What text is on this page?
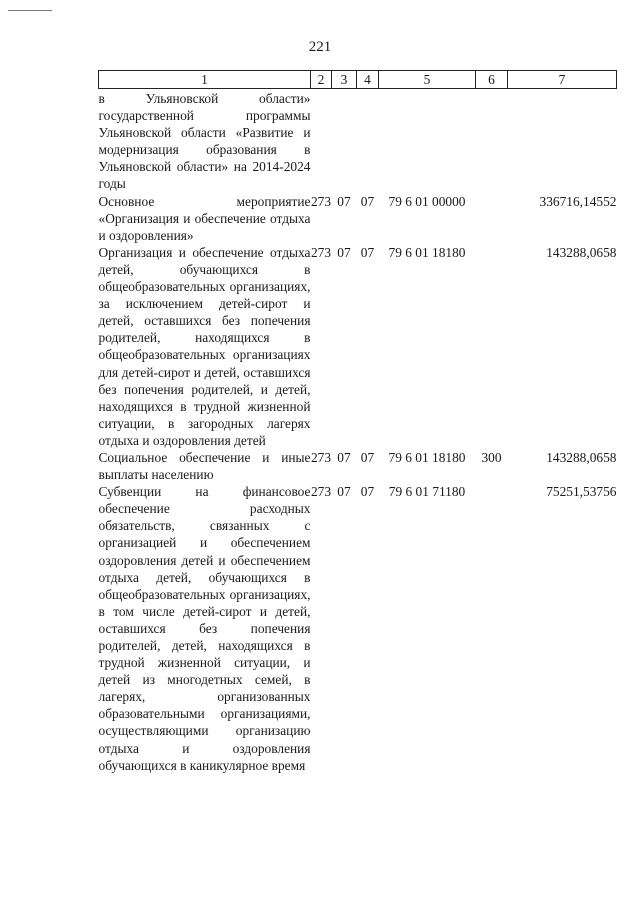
221
1	2	3	4	5	6	7
в Ульяновской области» государственной программы Ульяновской области «Развитие и модернизация образования в Ульяновской области» на 2014-2024 годы						
Основное мероприятие «Организация и обеспечение отдыха и оздоровления»	273	07	07	79 6 01 00000		336716,14552
Организация и обеспечение отдыха детей, обучающихся в общеобразовательных организациях, за исключением детей-сирот и детей, оставшихся без попечения родителей, находящихся в общеобразовательных организациях для детей-сирот и детей, оставшихся без попечения родителей, и детей, находящихся в трудной жизненной ситуации, в загородных лагерях отдыха и оздоровления детей	273	07	07	79 6 01 18180		143288,0658
Социальное обеспечение и иные выплаты населению	273	07	07	79 6 01 18180	300	143288,0658
Субвенции на финансовое обеспечение расходных обязательств, связанных с организацией и обеспечением оздоровления детей и обеспечением отдыха детей, обучающихся в общеобразовательных организациях, в том числе детей-сирот и детей, оставшихся без попечения родителей, детей, находящихся в трудной жизненной ситуации, и детей из многодетных семей, в лагерях, организованных образовательными организациями, осуществляющими организацию отдыха и оздоровления обучающихся в каникулярное время	273	07	07	79 6 01 71180		75251,53756
